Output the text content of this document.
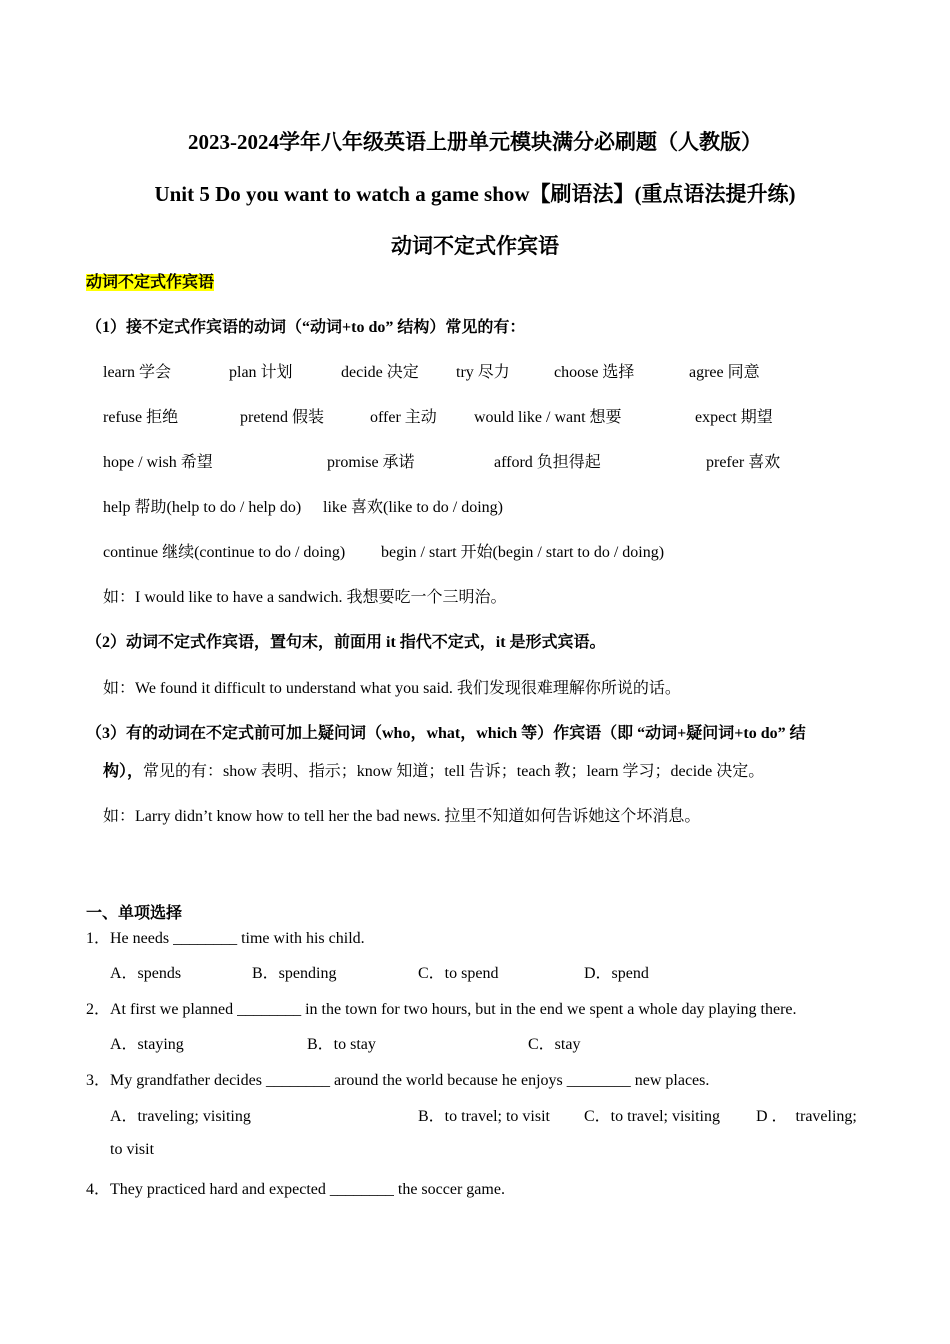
2023-2024学年八年级英语上册单元模块满分必刷题（人教版）
Unit 5 Do you want to watch a game show【刷语法】(重点语法提升练)
动词不定式作宾语
动词不定式作宾语
（1）接不定式作宾语的动词（“动词+to do” 结构）常见的有：
learn 学会	plan 计划	decide 决定 try 尽力	choose 选择	agree 同意
refuse 拒绝	pretend 假装	offer 主动 would like / want 想要	expect 期望
hope / wish 希望	promise 承诺	afford 负担得起	prefer 喜欢
help 帮助(help to do / help do) like 喜欢(like to do / doing)
continue 继续(continue to do / doing) begin / start 开始(begin / start to do / doing)
如：I would like to have a sandwich. 我想要吃一个三明治。
（2）动词不定式作宾语，置句末，前面用 it 指代不定式，it 是形式宾语。
如：We found it difficult to understand what you said. 我们发现很难理解你所说的话。
（3）有的动词在不定式前可加上疑问词（who，what，which 等）作宾语（即 “动词+疑问词+to do” 结
构），常见的有：show 表明、指示；know 知道；tell 告诉；teach 教；learn 学习；decide 决定。
如：Larry didn’t know how to tell her the bad news. 拉里不知道如何告诉她这个坏消息。
一、单项选择
1．He needs ________ time with his child.
A．spends	B．spending	C．to spend	D．spend
2．At first we planned ________ in the town for two hours, but in the end we spent a whole day playing there.
A．staying	B．to stay	C．stay
3．My grandfather decides ________ around the world because he enjoys ________ new places.
A．traveling; visiting	B．to travel; to visit C．to travel; visiting D ．  traveling;
to visit
4．They practiced hard and expected ________ the soccer game.
